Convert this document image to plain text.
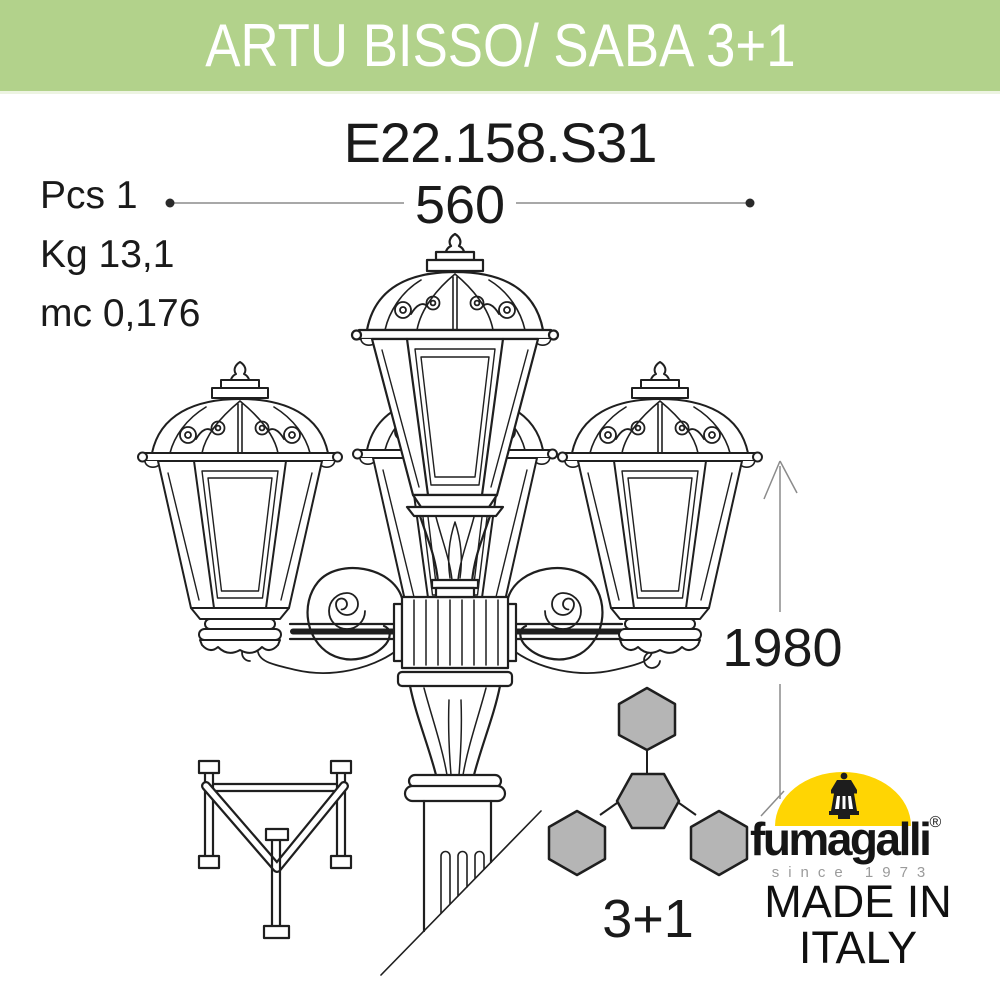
ARTU BISSO/ SABA 3+1
E22.158.S31
Pcs 1
Kg 13,1
mc 0,176
560
1980
3+1
fumagalli®
since 1973
MADE IN
ITALY
